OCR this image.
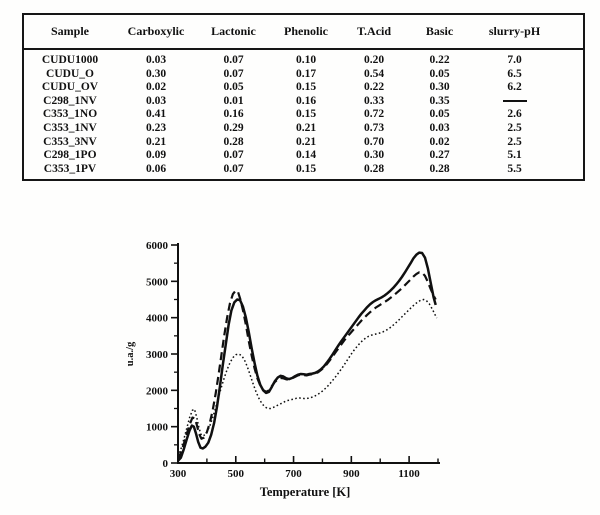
Sample	Carboxylic	Lactonic	Phenolic	T.Acid	Basic	slurry-pH
CUDU1000	0.03	0.07	0.10	0.20	0.22	7.0
CUDU_O	0.30	0.07	0.17	0.54	0.05	6.5
CUDU_OV	0.02	0.05	0.15	0.22	0.30	6.2
C298_1NV	0.03	0.01	0.16	0.33	0.35
C353_1NO	0.41	0.16	0.15	0.72	0.05	2.6
C353_1NV	0.23	0.29	0.21	0.73	0.03	2.5
C353_3NV	0.21	0.28	0.21	0.70	0.02	2.5
C298_1PO	0.09	0.07	0.14	0.30	0.27	5.1
C353_1PV	0.06	0.07	0.15	0.28	0.28	5.5
300	500	700	900	1100
0
1000
2000
3000
4000
5000
6000
Temperature [K]
u.a./g
